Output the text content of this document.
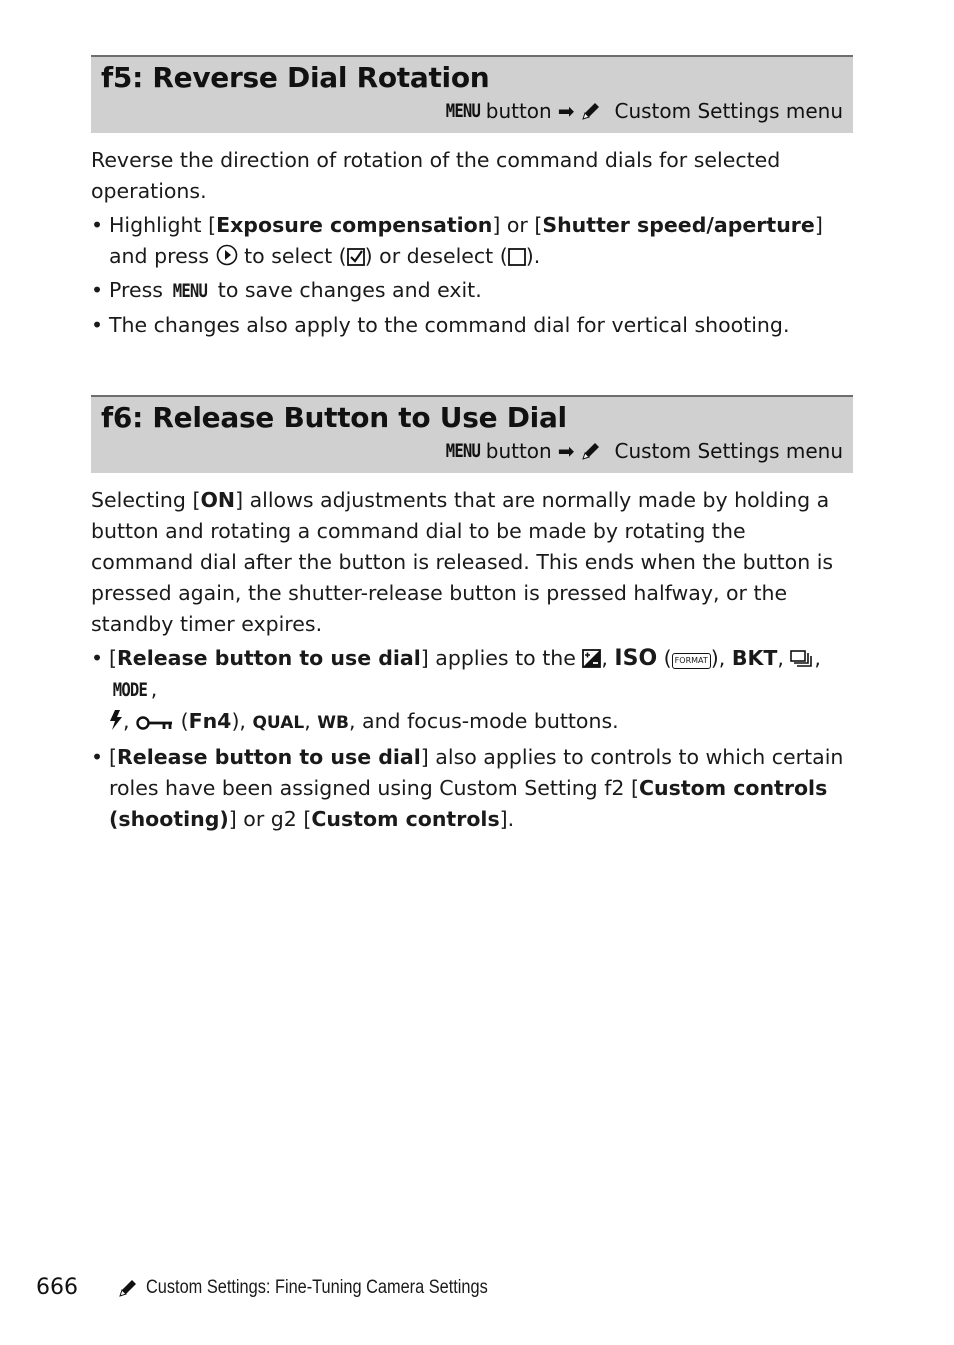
f5: Reverse Dial Rotation
MENU button ➡ Custom Settings menu

Reverse the direction of rotation of the command dials for selected operations.

• Highlight [Exposure compensation] or [Shutter speed/aperture] and press to select ( ) or deselect ( ).
• Press MENU to save changes and exit.
• The changes also apply to the command dial for vertical shooting.
f6: Release Button to Use Dial
MENU button ➡ Custom Settings menu

Selecting [ON] allows adjustments that are normally made by holding a button and rotating a command dial to be made by rotating the command dial after the button is released. This ends when the button is pressed again, the shutter-release button is pressed halfway, or the standby timer expires.

• [Release button to use dial] applies to the , ISO ( FORMAT ), BKT, , MODE ,
,  (Fn4), QUAL, WB, and focus-mode buttons.
• [Release button to use dial] also applies to controls to which certain roles have been assigned using Custom Setting f2 [Custom controls (shooting)] or g2 [Custom controls].
666	Custom Settings: Fine-Tuning Camera Settings
